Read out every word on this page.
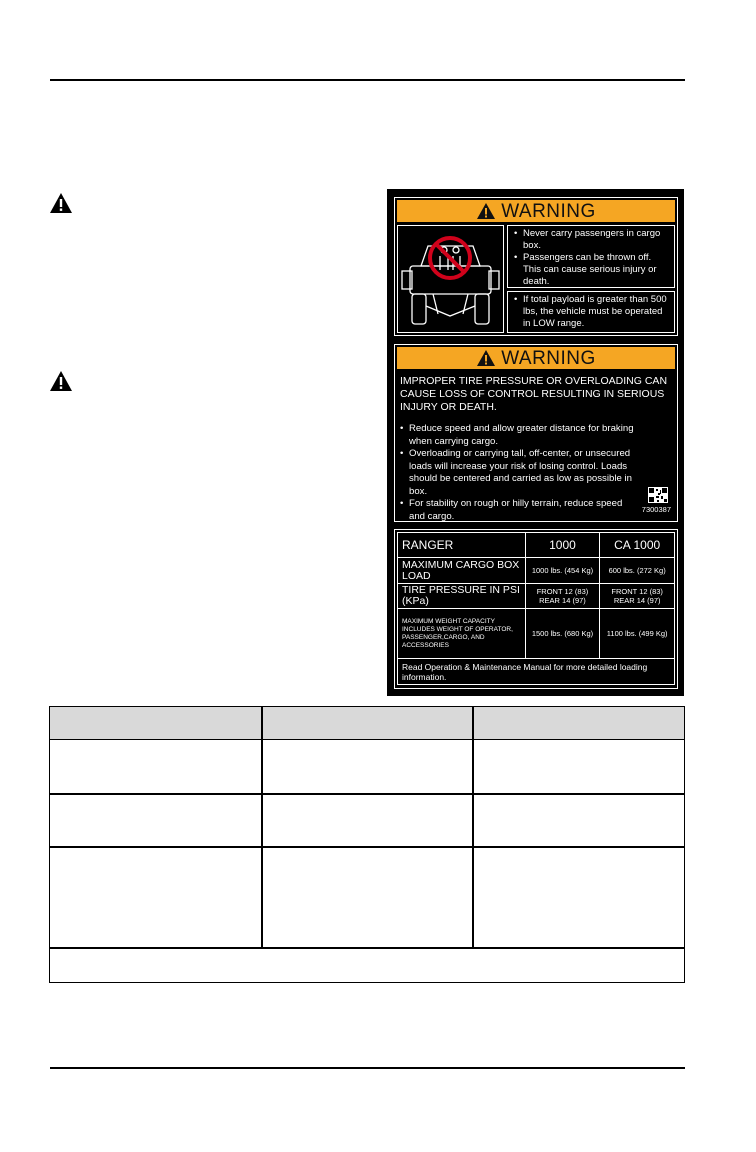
WARNING
• Never carry passengers in cargo box.
• Passengers can be thrown off. This can cause serious injury or death.
• If total payload is greater than 500 lbs, the vehicle must be operated in LOW range.
WARNING
IMPROPER TIRE PRESSURE OR OVERLOADING CAN CAUSE LOSS OF CONTROL RESULTING IN SERIOUS INJURY OR DEATH.
• Reduce speed and allow greater distance for braking when carrying cargo.
• Overloading or carrying tall, off-center, or unsecured loads will increase your risk of losing control. Loads should be centered and carried as low as possible in box.
• For stability on rough or hilly terrain, reduce speed and cargo.
7300387
RANGER	1000	CA 1000
MAXIMUM CARGO BOX LOAD	1000 lbs. (454 Kg)	600 lbs. (272 Kg)
TIRE PRESSURE IN PSI (KPa)	FRONT 12 (83) REAR 14 (97)	FRONT 12 (83) REAR 14 (97)
MAXIMUM WEIGHT CAPACITY INCLUDES WEIGHT OF OPERATOR, PASSENGER,CARGO, AND ACCESSORIES	1500 lbs. (680 Kg)	1100 lbs. (499 Kg)
Read Operation & Maintenance Manual for more detailed loading information.		
